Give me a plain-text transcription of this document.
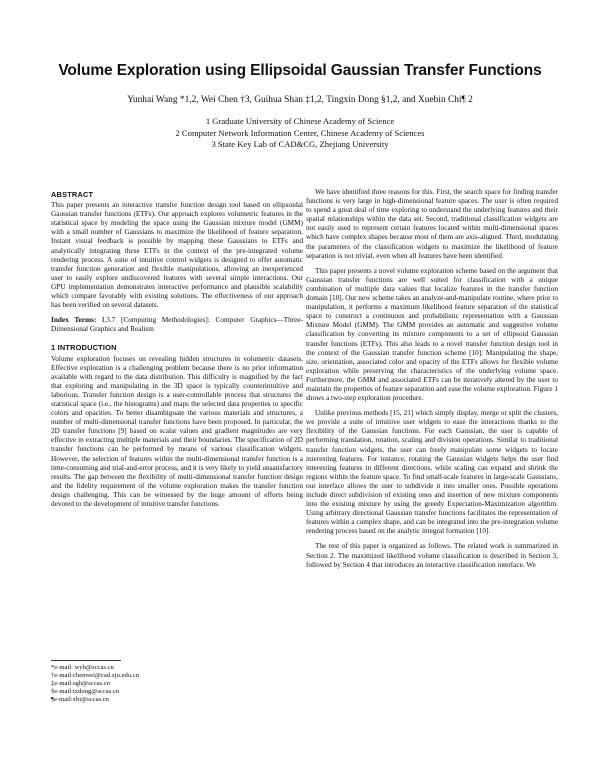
Volume Exploration using Ellipsoidal Gaussian Transfer Functions
Yunhai Wang *1,2, Wei Chen †3, Guihua Shan ‡1,2, Tingxin Dong §1,2, and Xuebin Chi¶ 2
1 Graduate University of Chinese Academy of Science
2 Computer Network Information Center, Chinese Academy of Sciences
3 State Key Lab of CAD&CG, Zhejiang University
ABSTRACT

This paper presents an interactive transfer function design tool based on ellipsoidal Gaussian transfer functions (ETFs). Our approach explores volumetric features in the statistical space by modeling the space using the Gaussian mixture model (GMM) with a small number of Gaussians to maximize the likelihood of feature separation. Instant visual feedback is possible by mapping these Gaussians to ETFs and analytically integrating these ETFs in the context of the pre-integrated volume rendering process. A suite of intuitive control widgets is designed to offer automatic transfer function generation and flexible manipulations, allowing an inexperienced user to easily explore undiscovered features with several simple interactions. Our GPU implementation demonstrates interactive performance and plausible scalability which compare favorably with existing solutions. The effectiveness of our approach has been verified on several datasets.

Index Terms: I.3.7 [Computing Methodologies]: Computer Graphics—Three-Dimensional Graphics and Realism

1 INTRODUCTION

Volume exploration focuses on revealing hidden structures in volumetric datasets. Effective exploration is a challenging problem because there is no prior information available with regard to the data distribution. This difficulty is magnified by the fact that exploring and manipulating in the 3D space is typically counterintuitive and laborious. Transfer function design is a user-controllable process that structures the statistical space (i.e., the histograms) and maps the selected data properties to specific colors and opacities. To better disambiguate the various materials and structures, a number of multi-dimensional transfer functions have been proposed. In particular, the 2D transfer functions [9] based on scalar values and gradient magnitudes are very effective in extracting multiple materials and their boundaries. The specification of 2D transfer functions can be performed by means of various classification widgets. However, the selection of features within the multi-dimensional transfer function is a time-consuming and trial-and-error process, and it is very likely to yield unsatisfactory results. The gap between the flexibility of multi-dimensional transfer function design and the fidelity requirement of the volume exploration makes the transfer function design challenging. This can be witnessed by the huge amount of efforts being devoted to the development of intuitive transfer functions.

*e-mail: wyh@sccas.cn
†e-mail:chenwei@cad.zju.edu.cn
‡e-mail:sgh@sccas.cn
§e-mail:txdong@sccas.cn
¶e-mail:xbi@sccas.cn

We have identified three reasons for this. First, the search space for finding transfer functions is very large in high-dimensional feature spaces. The user is often required to spend a great deal of time exploring to understand the underlying features and their spatial relationships within the data set. Second, traditional classification widgets are not easily used to represent certain features located within multi-dimensional spaces which have complex shapes because most of them are axis-aligned. Third, modulating the parameters of the classification widgets to maximize the likelihood of feature separation is not trivial, even when all features have been identified.

This paper presents a novel volume exploration scheme based on the argument that Gaussian transfer functions are well suited for classification with a unique combination of multiple data values that localize features in the transfer function domain [10]. Our new scheme takes an analyze-and-manipulate routine, where prior to manipulation, it performs a maximum likelihood feature separation of the statistical space to construct a continuous and probabilistic representation with a Gaussian Mixture Model (GMM). The GMM provides an automatic and suggestive volume classification by converting its mixture components to a set of ellipsoid Gaussian transfer functions (ETFs). This also leads to a novel transfer function design tool in the context of the Gaussian transfer function scheme [10]. Manipulating the shape, size, orientation, associated color and opacity of the ETFs allows for flexible volume exploration while preserving the characteristics of the underlying volume space. Furthermore, the GMM and associated ETFs can be iteratively altered by the user to maintain the properties of feature separation and ease the volume exploration. Figure 1 shows a two-step exploration procedure.

Unlike previous methods [15, 21] which simply display, merge or split the clusters, we provide a suite of intuitive user widgets to ease the interactions thanks to the flexibility of the Gaussian functions. For each Gaussian, the user is capable of performing translation, rotation, scaling and division operations. Similar to traditional transfer function widgets, the user can freely manipulate some widgets to locate interesting features. For instance, rotating the Gaussian widgets helps the user find interesting features in different directions, while scaling can expand and shrink the regions within the feature space. To find small-scale features in large-scale Gaussians, our interface allows the user to subdivide it into smaller ones. Possible operations include direct subdivision of existing ones and insertion of new mixture components into the existing mixture by using the greedy Expectation-Maximization algorithm. Using arbitrary directional Gaussian transfer functions facilitates the representation of features within a complex shape, and can be integrated into the pre-integration volume rendering process based on the analytic integral formation [10].

The rest of this paper is organized as follows. The related work is summarized in Section 2. The maximized likelihood volume classification is described in Section 3, followed by Section 4 that introduces an interactive classification interface. We
